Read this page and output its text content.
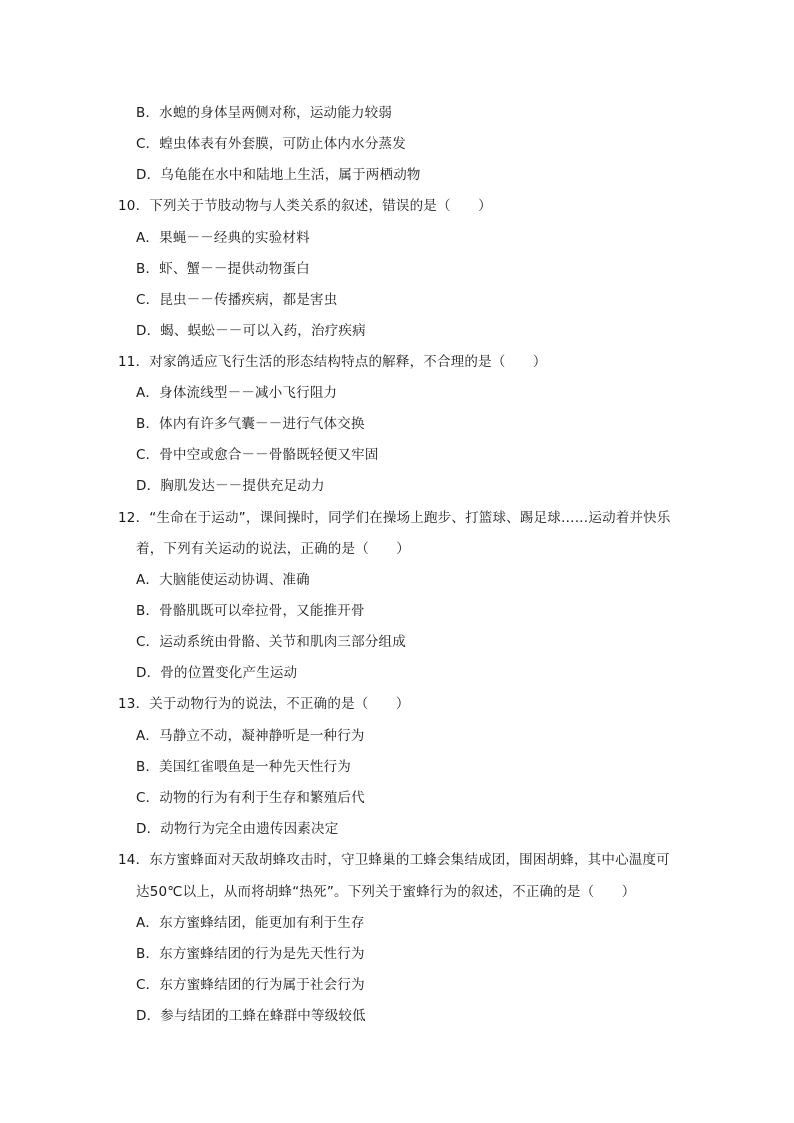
B．水螅的身体呈两侧对称，运动能力较弱
C．蝗虫体表有外套膜，可防止体内水分蒸发
D．乌龟能在水中和陆地上生活，属于两栖动物
10．下列关于节肢动物与人类关系的叙述，错误的是（　　）
A．果蝇－－经典的实验材料
B．虾、蟹－－提供动物蛋白
C．昆虫－－传播疾病，都是害虫
D．蝎、蜈蚣－－可以入药，治疗疾病
11．对家鸽适应飞行生活的形态结构特点的解释，不合理的是（　　）
A．身体流线型－－减小飞行阻力
B．体内有许多气囊－－进行气体交换
C．骨中空或愈合－－骨骼既轻便又牢固
D．胸肌发达－－提供充足动力
12．“生命在于运动”，课间操时，同学们在操场上跑步、打篮球、踢足球……运动着并快乐
着，下列有关运动的说法，正确的是（　　）
A．大脑能使运动协调、准确
B．骨骼肌既可以牵拉骨，又能推开骨
C．运动系统由骨骼、关节和肌肉三部分组成
D．骨的位置变化产生运动
13．关于动物行为的说法，不正确的是（　　）
A．马静立不动，凝神静听是一种行为
B．美国红雀喂鱼是一种先天性行为
C．动物的行为有利于生存和繁殖后代
D．动物行为完全由遗传因素决定
14．东方蜜蜂面对天敌胡蜂攻击时，守卫蜂巢的工蜂会集结成团，围困胡蜂，其中心温度可
达50℃以上，从而将胡蜂“热死”。下列关于蜜蜂行为的叙述，不正确的是（　　）
A．东方蜜蜂结团，能更加有利于生存
B．东方蜜蜂结团的行为是先天性行为
C．东方蜜蜂结团的行为属于社会行为
D．参与结团的工蜂在蜂群中等级较低
